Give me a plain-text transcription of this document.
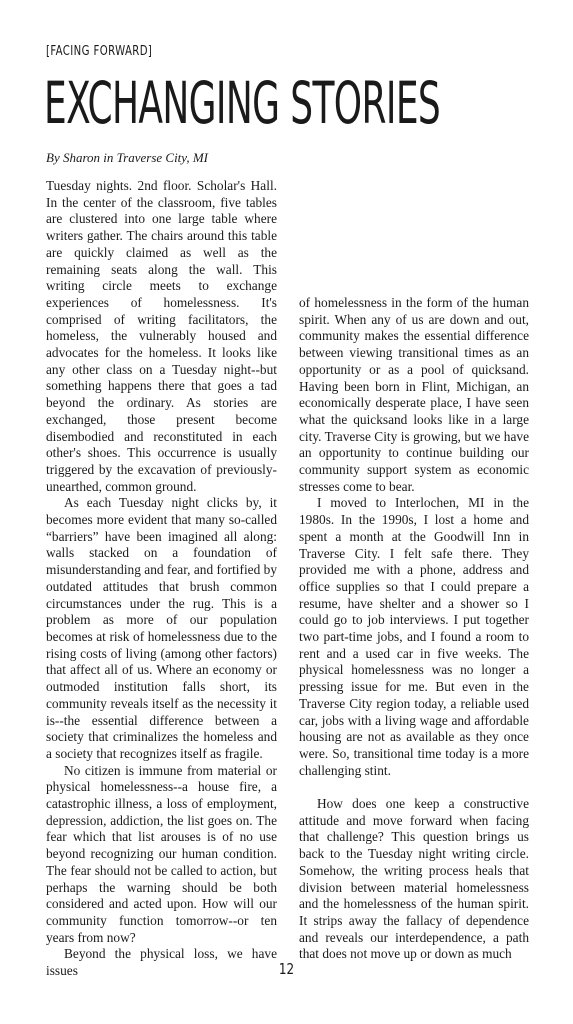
[FACING FORWARD]
EXCHANGING STORIES
By Sharon in Traverse City, MI

Tuesday nights. 2nd floor. Scholar's Hall. In the center of the classroom, five tables are clustered into one large table where writers gather. The chairs around this table are quickly claimed as well as the remaining seats along the wall. This writing circle meets to exchange experiences of homelessness. It's comprised of writing facilitators, the homeless, the vulnerably housed and advocates for the homeless. It looks like any other class on a Tuesday night--but something happens there that goes a tad beyond the ordinary. As stories are exchanged, those present become disembodied and reconstituted in each other's shoes. This occurrence is usually triggered by the excavation of previously-unearthed, common ground.

As each Tuesday night clicks by, it becomes more evident that many so-called “barriers” have been imagined all along: walls stacked on a foundation of misunderstanding and fear, and fortified by outdated attitudes that brush common circumstances under the rug. This is a problem as more of our population becomes at risk of homelessness due to the rising costs of living (among other factors) that affect all of us. Where an economy or outmoded institution falls short, its community reveals itself as the necessity it is--the essential difference between a society that criminalizes the homeless and a society that recognizes itself as fragile.

No citizen is immune from material or physical homelessness--a house fire, a catastrophic illness, a loss of employment, depression, addiction, the list goes on. The fear which that list arouses is of no use beyond recognizing our human condition. The fear should not be called to action, but perhaps the warning should be both considered and acted upon. How will our community function tomorrow--or ten years from now?

Beyond the physical loss, we have issues

of homelessness in the form of the human spirit. When any of us are down and out, community makes the essential difference between viewing transitional times as an opportunity or as a pool of quicksand. Having been born in Flint, Michigan, an economically desperate place, I have seen what the quicksand looks like in a large city. Traverse City is growing, but we have an opportunity to continue building our community support system as economic stresses come to bear.

I moved to Interlochen, MI in the 1980s. In the 1990s, I lost a home and spent a month at the Goodwill Inn in Traverse City. I felt safe there. They provided me with a phone, address and office supplies so that I could prepare a resume, have shelter and a shower so I could go to job interviews. I put together two part-time jobs, and I found a room to rent and a used car in five weeks. The physical homelessness was no longer a pressing issue for me. But even in the Traverse City region today, a reliable used car, jobs with a living wage and affordable housing are not as available as they once were. So, transitional time today is a more challenging stint.

How does one keep a constructive attitude and move forward when facing that challenge? This question brings us back to the Tuesday night writing circle. Somehow, the writing process heals that division between material homelessness and the homelessness of the human spirit. It strips away the fallacy of dependence and reveals our interdependence, a path that does not move up or down as much

12
